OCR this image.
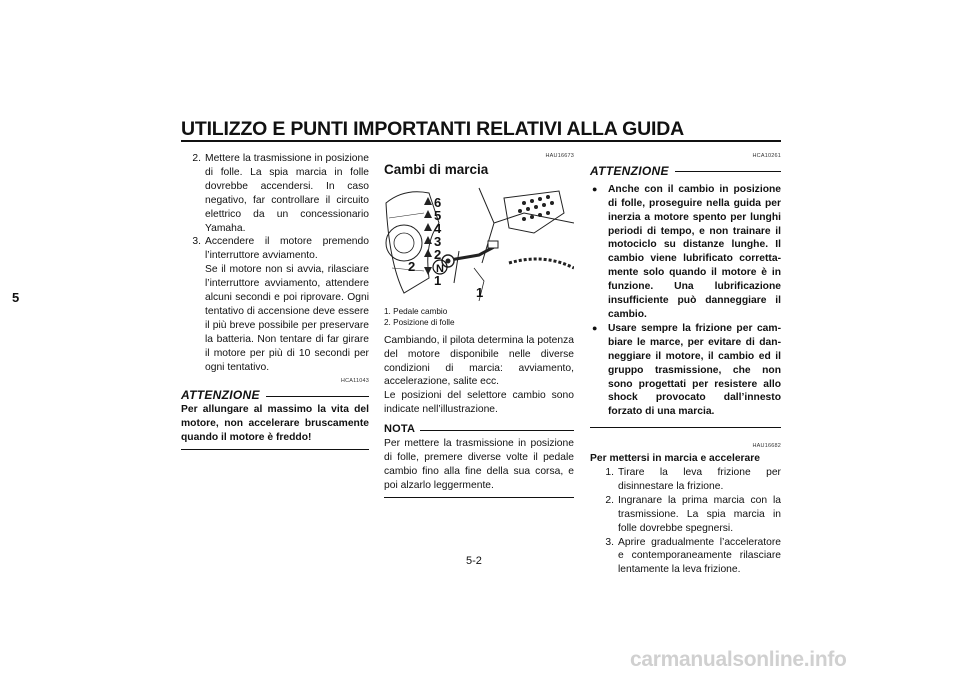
UTILIZZO E PUNTI IMPORTANTI RELATIVI ALLA GUIDA
5
2. Mettere la trasmissione in posizione di folle. La spia marcia in folle dovrebbe accendersi. In caso negativo, far controllare il circuito elettrico da un concessionario Yamaha.
3. Accendere il motore premendo l’interruttore avviamento.
Se il motore non si avvia, rilasciare l’interruttore avviamento, attendere alcuni secondi e poi riprovare. Ogni tentativo di accensione deve essere il più breve possibile per preservare la batteria. Non tentare di far girare il motore per più di 10 secondi per ogni tentativo.
HCA11043
ATTENZIONE
Per allungare al massimo la vita del motore, non accelerare bruscamente quando il motore è freddo!
HAU16673
Cambi di marcia
6
5
4
3
2
N
1
2
1
1. Pedale cambio
2. Posizione di folle
Cambiando, il pilota determina la potenza del motore disponibile nelle diverse condizioni di marcia: avviamento, accelerazione, salite ecc.
Le posizioni del selettore cambio sono indicate nell’illustrazione.
NOTA
Per mettere la trasmissione in posizione di folle, premere diverse volte il pedale cambio fino alla fine della sua corsa, e poi alzarlo leggermente.
HCA10261
ATTENZIONE
●	Anche con il cambio in posizione di folle, proseguire nella guida per inerzia a motore spento per lunghi periodi di tempo, e non trainare il motociclo su distanze lunghe. Il cambio viene lubrificato correttamente solo quando il motore è in funzione. Una lubrificazione insufficiente può danneggiare il cambio.
●	Usare sempre la frizione per cambiare le marce, per evitare di danneggiare il motore, il cambio ed il gruppo trasmissione, che non sono progettati per resistere allo shock provocato dall’innesto forzato di una marcia.
HAU16682
Per mettersi in marcia e accelerare
1. Tirare la leva frizione per disinnestare la frizione.
2. Ingranare la prima marcia con la trasmissione. La spia marcia in folle dovrebbe spegnersi.
3. Aprire gradualmente l’acceleratore e contemporaneamente rilasciare lentamente la leva frizione.
5-2
carmanualsonline.info
